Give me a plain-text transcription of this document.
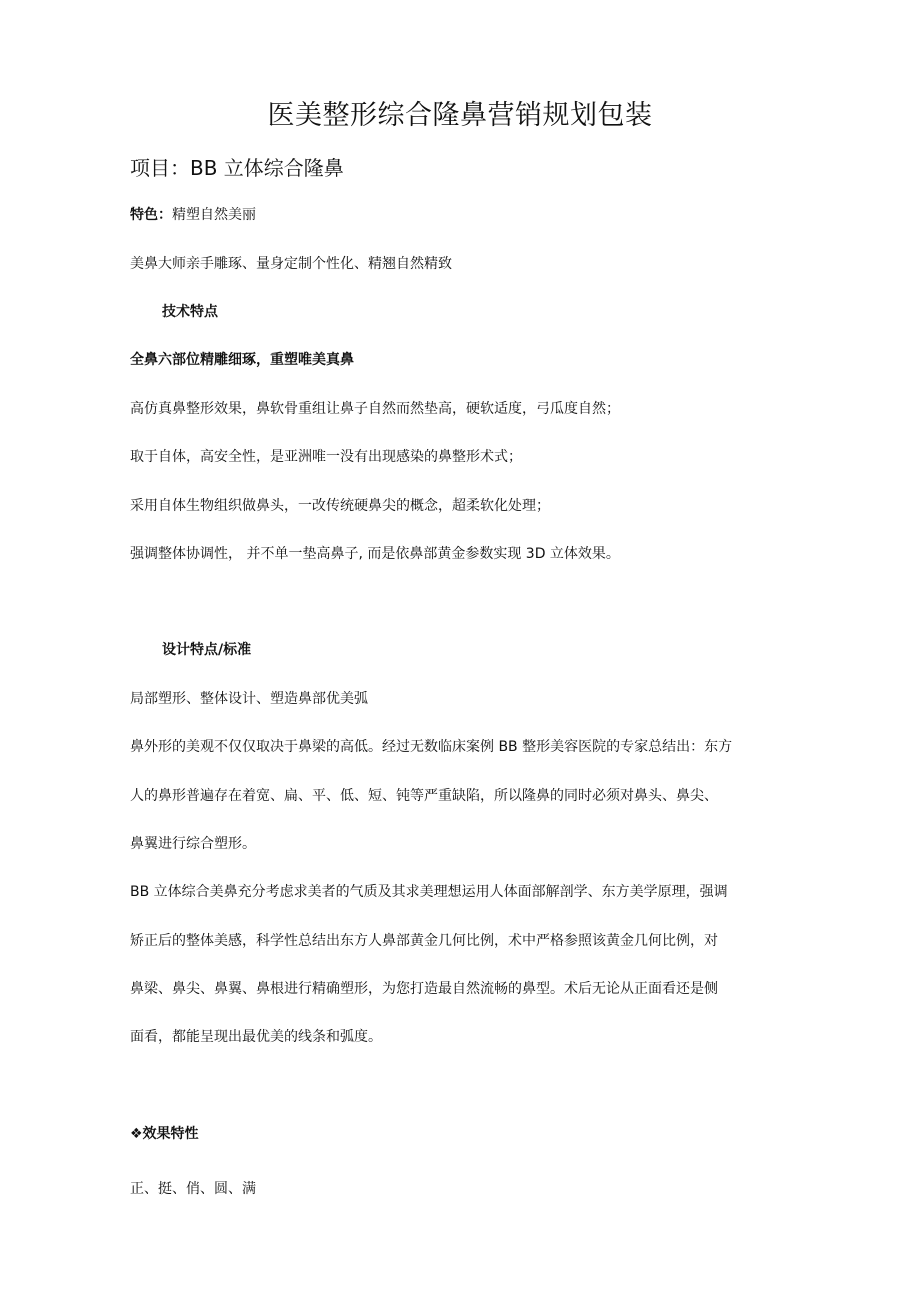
医美整形综合隆鼻营销规划包装
项目：BB 立体综合隆鼻
特色：精塑自然美丽
美鼻大师亲手雕琢、量身定制个性化、精翘自然精致
技术特点
全鼻六部位精雕细琢，重塑唯美真鼻
高仿真鼻整形效果，鼻软骨重组让鼻子自然而然垫高，硬软适度，弓瓜度自然；
取于自体，高安全性，是亚洲唯一没有出现感染的鼻整形术式；
采用自体生物组织做鼻头，一改传统硬鼻尖的概念，超柔软化处理；
强调整体协调性， 并不单一垫高鼻子, 而是依鼻部黄金参数实现 3D 立体效果。
设计特点/标准
局部塑形、整体设计、塑造鼻部优美弧
鼻外形的美观不仅仅取决于鼻梁的高低。经过无数临床案例 BB 整形美容医院的专家总结出：东方
人的鼻形普遍存在着宽、扁、平、低、短、钝等严重缺陷，所以隆鼻的同时必须对鼻头、鼻尖、
鼻翼进行综合塑形。
BB 立体综合美鼻充分考虑求美者的气质及其求美理想运用人体面部解剖学、东方美学原理，强调
矫正后的整体美感，科学性总结出东方人鼻部黄金几何比例，术中严格参照该黄金几何比例，对
鼻梁、鼻尖、鼻翼、鼻根进行精确塑形，为您打造最自然流畅的鼻型。术后无论从正面看还是侧
面看，都能呈现出最优美的线条和弧度。
❖效果特性
正、挺、俏、圆、满
